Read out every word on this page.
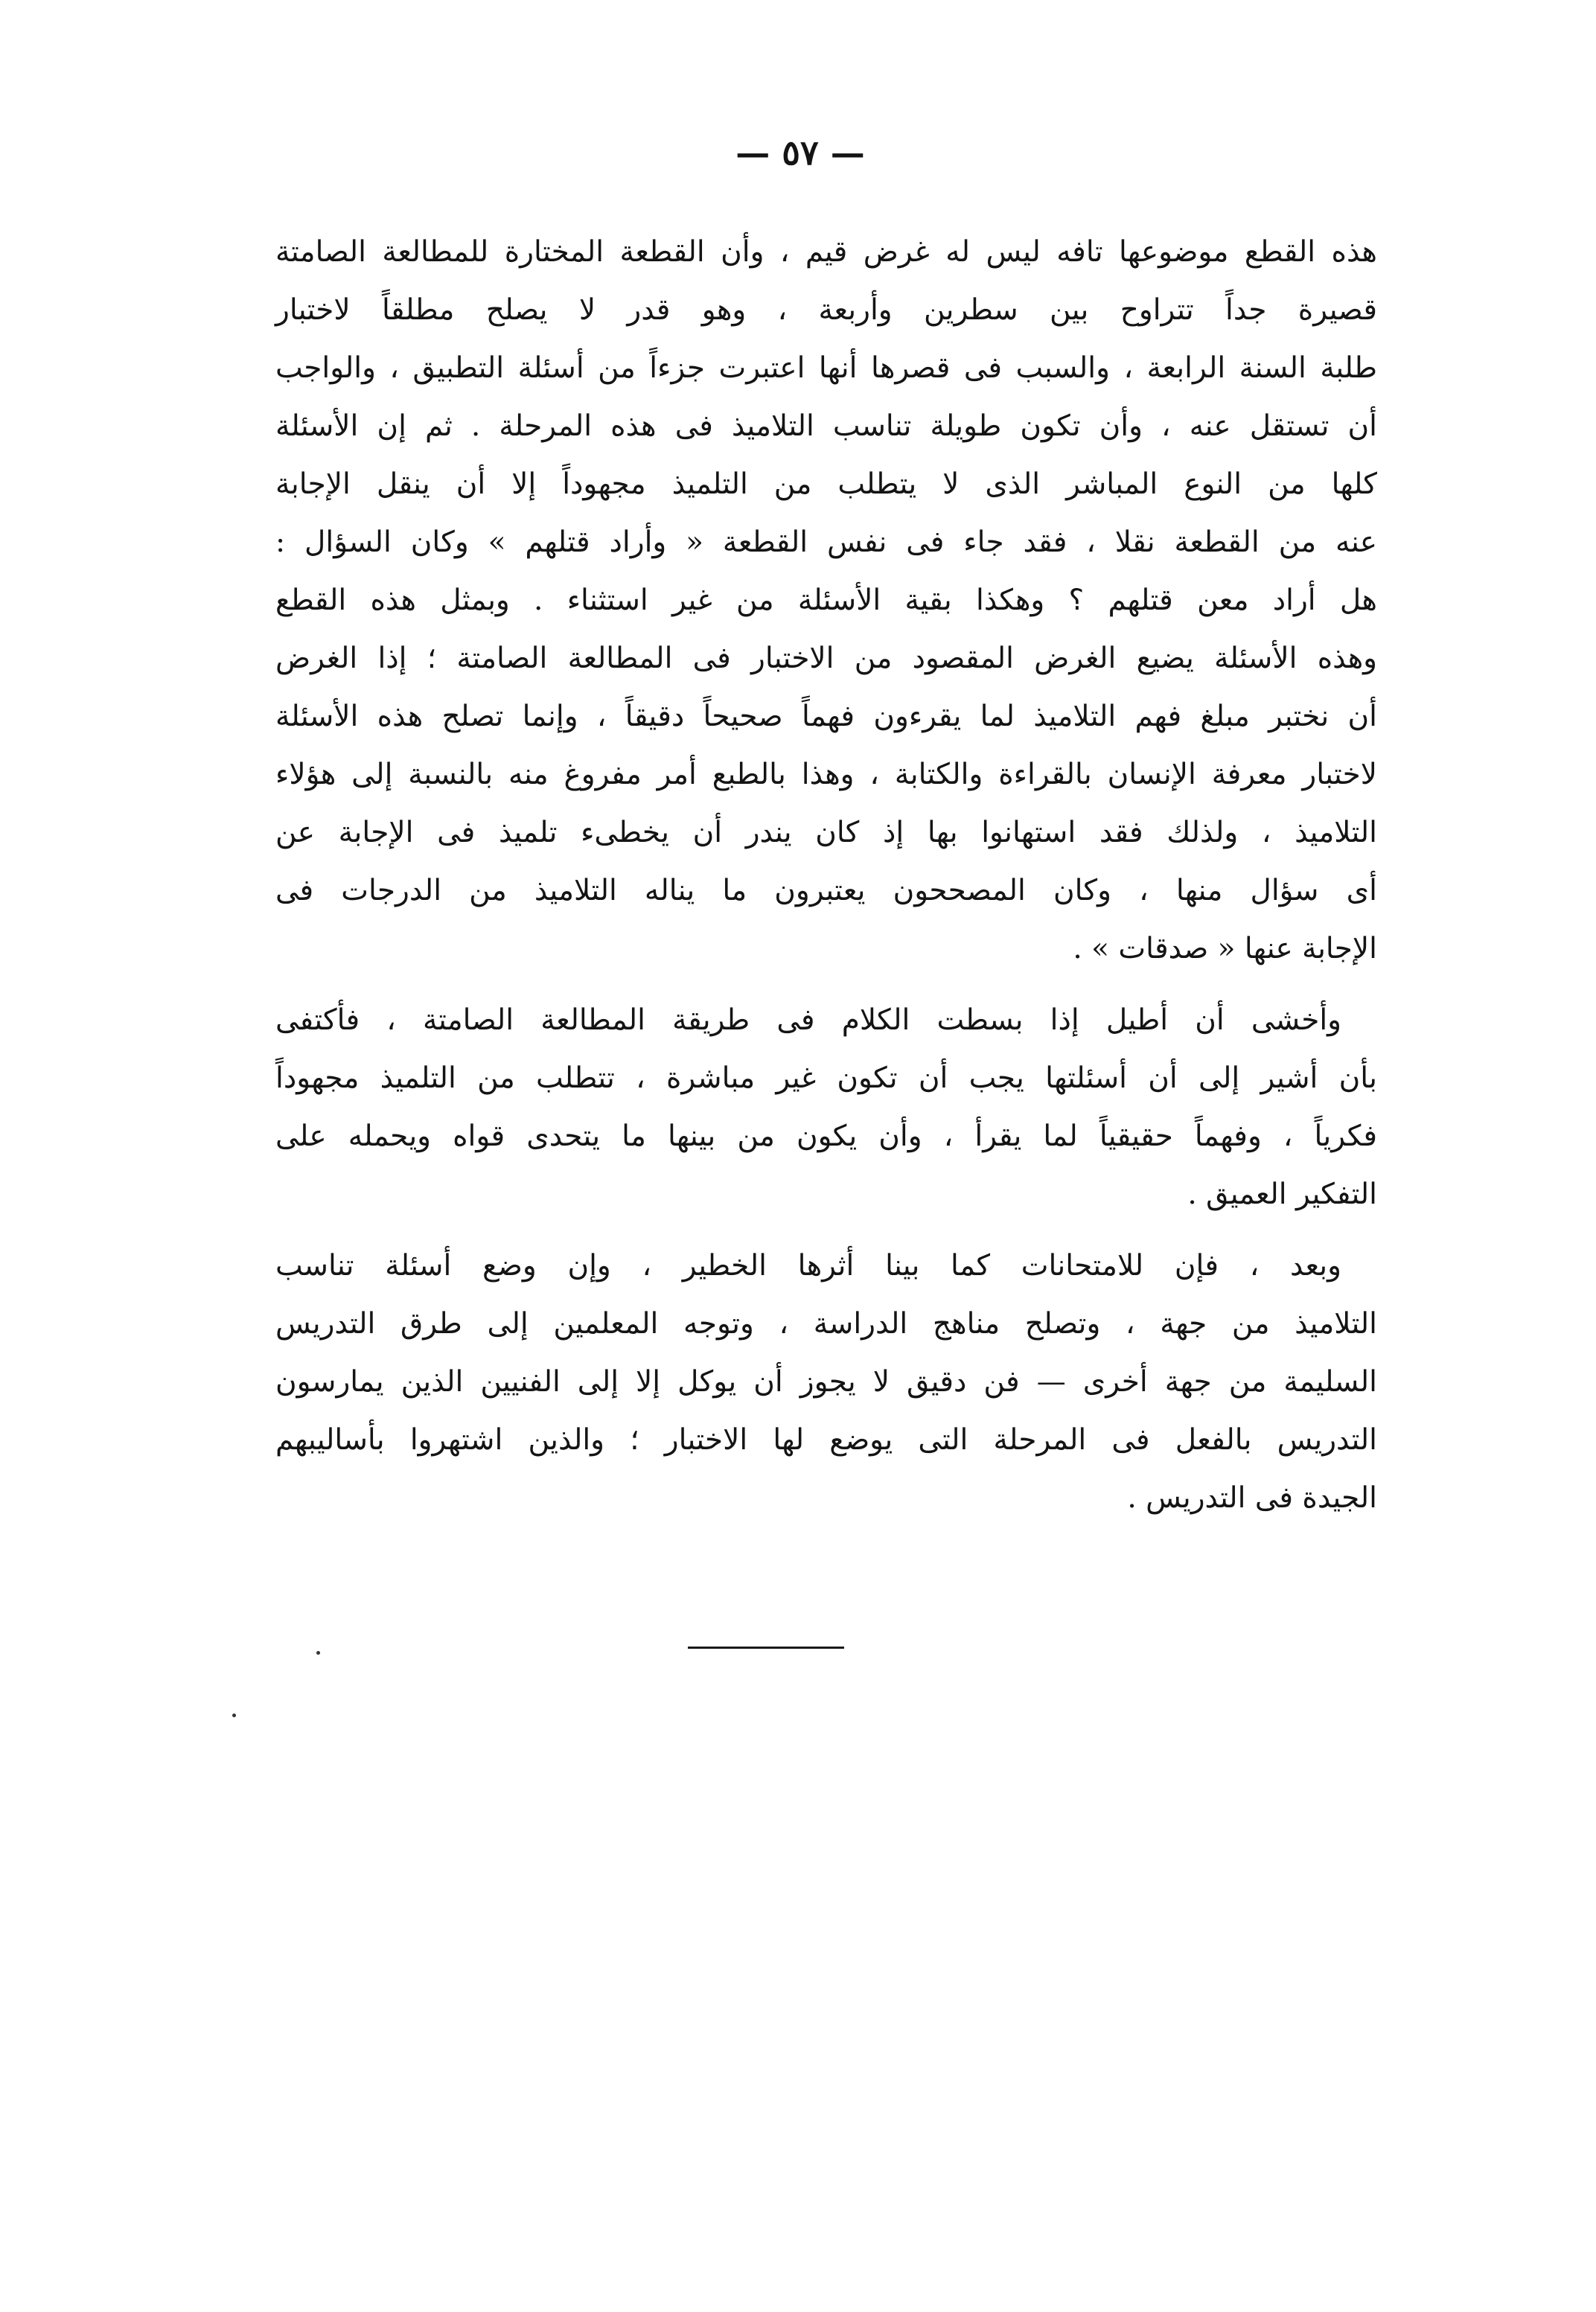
— ٥٧ —
هذه القطع موضوعها تافه ليس له غرض قيم ، وأن القطعة المختارة للمطالعة الصامتة
قصيرة جداً تتراوح بين سطرين وأربعة ، وهو قدر لا يصلح مطلقاً لاختبار
طلبة السنة الرابعة ، والسبب فى قصرها أنها اعتبرت جزءاً من أسئلة التطبيق ، والواجب
أن تستقل عنه ، وأن تكون طويلة تناسب التلاميذ فى هذه المرحلة . ثم إن الأسئلة
كلها من النوع المباشر الذى لا يتطلب من التلميذ مجهوداً إلا أن ينقل الإجابة
عنه من القطعة نقلا ، فقد جاء فى نفس القطعة « وأراد قتلهم » وكان السؤال :
هل أراد معن قتلهم ؟ وهكذا بقية الأسئلة من غير استثناء . وبمثل هذه القطع
وهذه الأسئلة يضيع الغرض المقصود من الاختبار فى المطالعة الصامتة ؛ إذا الغرض
أن نختبر مبلغ فهم التلاميذ لما يقرءون فهماً صحيحاً دقيقاً ، وإنما تصلح هذه الأسئلة
لاختبار معرفة الإنسان بالقراءة والكتابة ، وهذا بالطبع أمر مفروغ منه بالنسبة إلى هؤلاء
التلاميذ ، ولذلك فقد استهانوا بها إذ كان يندر أن يخطىء تلميذ فى الإجابة عن
أى سؤال منها ، وكان المصححون يعتبرون ما يناله التلاميذ من الدرجات فى
الإجابة عنها « صدقات » .
وأخشى أن أطيل إذا بسطت الكلام فى طريقة المطالعة الصامتة ، فأكتفى
بأن أشير إلى أن أسئلتها يجب أن تكون غير مباشرة ، تتطلب من التلميذ مجهوداً
فكرياً ، وفهماً حقيقياً لما يقرأ ، وأن يكون من بينها ما يتحدى قواه ويحمله على
التفكير العميق .
وبعد ، فإن للامتحانات كما بينا أثرها الخطير ، وإن وضع أسئلة تناسب
التلاميذ من جهة ، وتصلح مناهج الدراسة ، وتوجه المعلمين إلى طرق التدريس
السليمة من جهة أخرى — فن دقيق لا يجوز أن يوكل إلا إلى الفنيين الذين يمارسون
التدريس بالفعل فى المرحلة التى يوضع لها الاختبار ؛ والذين اشتهروا بأساليبهم
الجيدة فى التدريس .
